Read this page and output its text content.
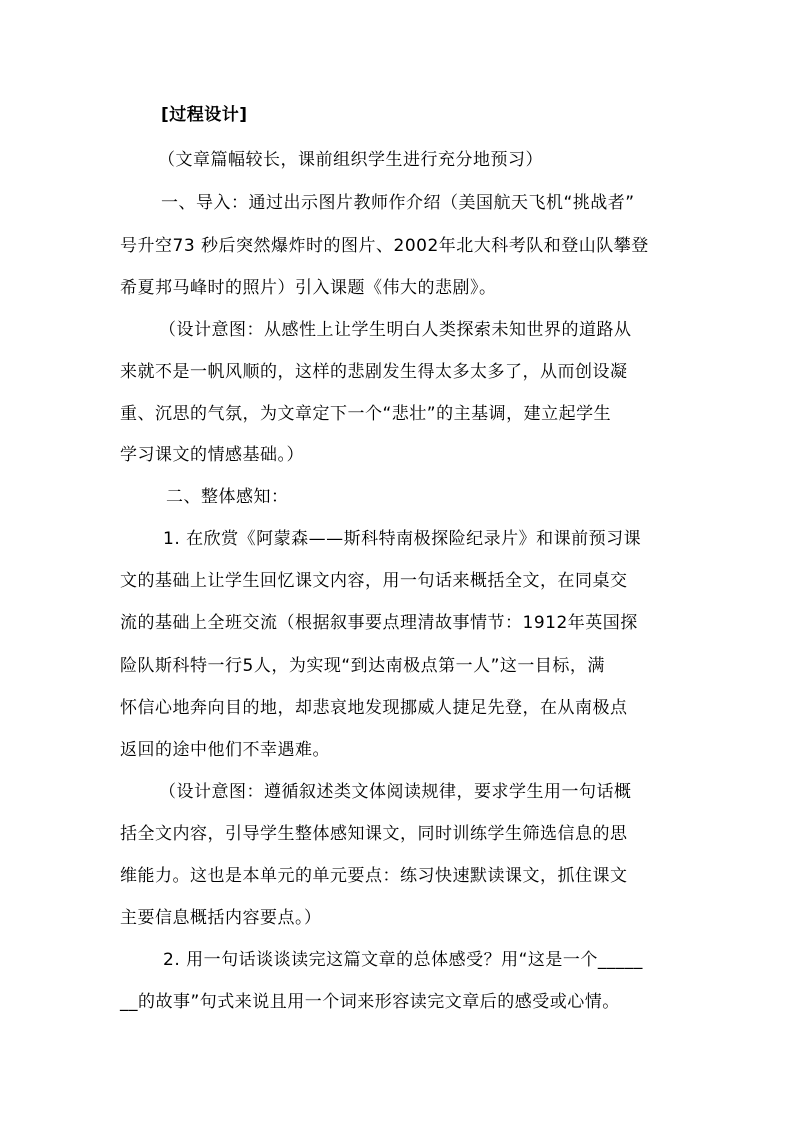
[过程设计]
（文章篇幅较长，课前组织学生进行充分地预习）
一、导入：通过出示图片教师作介绍（美国航天飞机“挑战者”
号升空73 秒后突然爆炸时的图片、2002年北大科考队和登山队攀登
希夏邦马峰时的照片）引入课题《伟大的悲剧》。
（设计意图：从感性上让学生明白人类探索未知世界的道路从
来就不是一帆风顺的，这样的悲剧发生得太多太多了，从而创设凝
重、沉思的气氛，为文章定下一个“悲壮”的主基调，建立起学生
学习课文的情感基础。）
二、整体感知：
1. 在欣赏《阿蒙森——斯科特南极探险纪录片》和课前预习课
文的基础上让学生回忆课文内容，用一句话来概括全文，在同桌交
流的基础上全班交流（根据叙事要点理清故事情节：1912年英国探
险队斯科特一行5人，为实现“到达南极点第一人”这一目标，满
怀信心地奔向目的地，却悲哀地发现挪威人捷足先登，在从南极点
返回的途中他们不幸遇难。
（设计意图：遵循叙述类文体阅读规律，要求学生用一句话概
括全文内容，引导学生整体感知课文，同时训练学生筛选信息的思
维能力。这也是本单元的单元要点：练习快速默读课文，抓住课文
主要信息概括内容要点。）
2. 用一句话谈谈读完这篇文章的总体感受？用“这是一个_____
__的故事”句式来说且用一个词来形容读完文章后的感受或心情。
